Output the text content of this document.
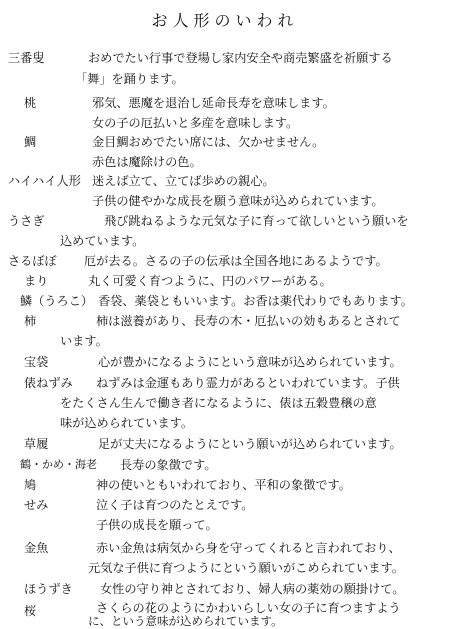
お人形のいわれ
三番叟	おめでたい行事で登場し家内安全や商売繁盛を祈願する
「舞」を踊ります。
桃	邪気、悪魔を退治し延命長寿を意味します。
女の子の厄払いと多産を意味します。
鯛	金目鯛おめでたい席には、欠かせません。
赤色は魔除けの色。
ハイハイ人形 迷えば立て、立てば歩めの親心。
子供の健やかな成長を願う意味が込められています。
うさぎ	飛び跳ねるような元気な子に育って欲しいという願いを
込めています。
さるぼぼ 厄が去る。さるの子の伝承は全国各地にあるようです。
まり	丸く可愛く育つように、円のパワーがある。
鱗（うろこ） 香袋、薬袋ともいいます。お香は薬代わりでもあります。
柿	柿は滋養があり、長寿の木・厄払いの効もあるとされて
います。
宝袋	心が豊かになるようにという意味が込められています。
俵ねずみ ねずみは金運もあり霊力があるといわれています。子供
をたくさん生んで働き者になるように、俵は五穀豊穣の意
味が込められています。
草履	足が丈夫になるようにという願いが込められています。
鶴・かめ・海老 長寿の象徴です。
鳩	神の使いともいわれており、平和の象徴です。
せみ	泣く子は育つのたとえです。
子供の成長を願って。
金魚	赤い金魚は病気から身を守ってくれると言われており、
元気な子供に育つようにという願いがこめられています。
ほうずき 女性の守り神とされており、婦人病の薬効の願掛けて。
桜	さくらの花のようにかわいらしい女の子に育つますよう
に、という意味が込められています。
